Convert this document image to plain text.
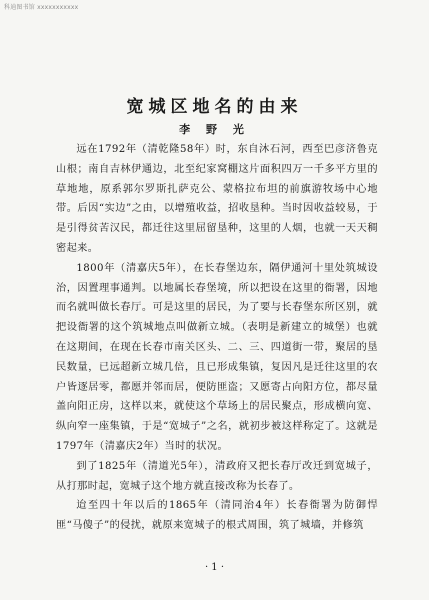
科迪图书馆 xxxxxxxxxxx
宽城区地名的由来
李 野 光

远在1792年（清乾隆58年）时，东自沐石河，西至巴彦济鲁克山根；南自吉林伊通边，北至纪家窝棚这片面积四万一千多平方里的草地地，原系郭尔罗斯扎萨克公、蒙格拉布坦的前旗游牧场中心地带。后因“实边”之由，以增殖收益，招收垦种。当时因收益较易，于是引得贫苦汉民，都迁往这里屈留垦种，这里的人烟，也就一天天稠密起来。

1800年（清嘉庆5年），在长春堡边东，隔伊通河十里处筑城设治，因置理事通判。以地属长春堡境，所以把设在这里的衙署，因地而名就叫做长春厅。可是这里的居民，为了要与长春堡东所区别，就把设衙署的这个筑城地点叫做新立城。（表明是新建立的城堡）也就在这期间，在现在长春市南关区头、二、三、四道街一带，聚居的垦民数量，已远超新立城几倍，且已形成集镇，复因凡是迁往这里的农户皆逐居零，都愿并邻而居，便防匪盗；又愿寄占向阳方位，都尽量盖向阳正房，这样以来，就使这个草场上的居民聚点，形成横向宽、纵向窄一座集镇，于是“宽城子”之名，就初步被这样称定了。这就是1797年（清嘉庆2年）当时的状况。

到了1825年（清道光5年），清政府又把长春厅改迁到宽城子，从打那时起，宽城子这个地方就直接改称为长春了。

迨至四十年以后的1865年（清同治4年）长春衙署为防御悍匪“马傻子”的侵扰，就原来宽城子的根式周围，筑了城墙，并修筑

· 1 ·
